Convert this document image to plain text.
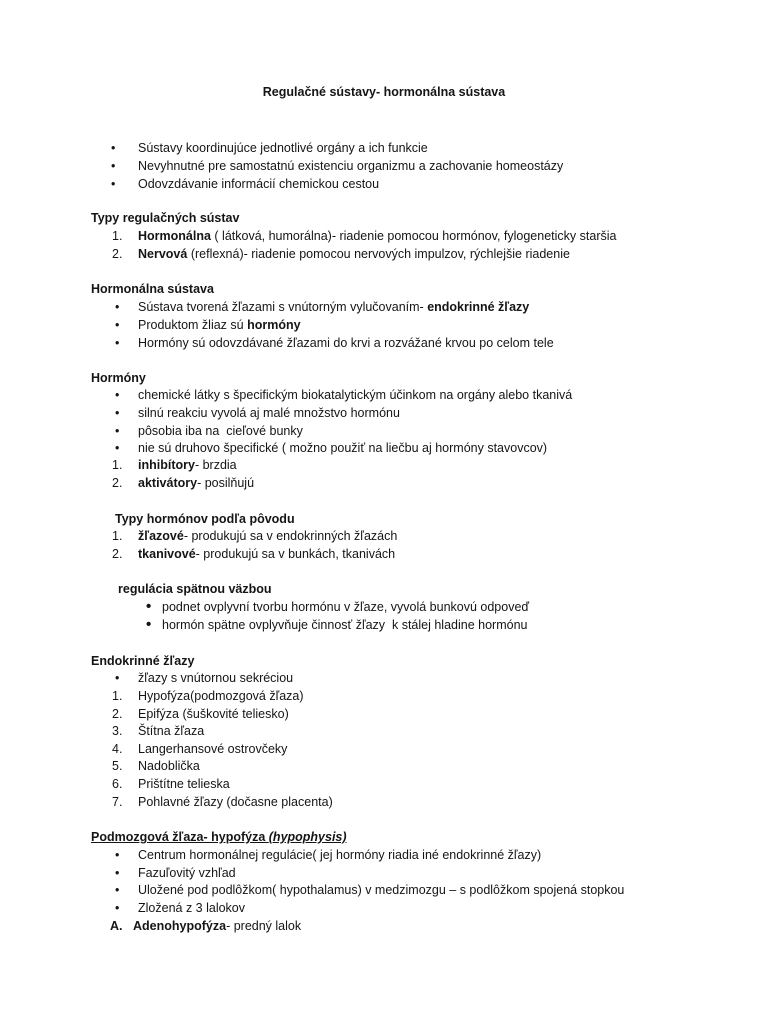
Regulačné sústavy- hormonálna sústava

•

Sústavy koordinujúce jednotlivé orgány a ich funkcie

•

Nevyhnutné pre samostatnú existenciu organizmu a zachovanie homeostázy

•

Odovzdávanie informácií chemickou cestou

Typy regulačných sústav

1.

Hormonálna ( látková, humorálna)- riadenie pomocou hormónov, fylogeneticky staršia

2.

Nervová (reflexná)- riadenie pomocou nervových impulzov, rýchlejšie riadenie

Hormonálna sústava

•

Sústava tvorená žľazami s vnútorným vylučovaním- endokrinné žľazy

•

Produktom žliaz sú hormóny

•

Hormóny sú odovzdávané žľazami do krvi a rozvážané krvou po celom tele

Hormóny

•

chemické látky s špecifickým biokatalytickým účinkom na orgány alebo tkanivá

•

silnú reakciu vyvolá aj malé množstvo hormónu

•

pôsobia iba na  cieľové bunky

•

nie sú druhovo špecifické ( možno použiť na liečbu aj hormóny stavovcov)

1.

inhibítory- brzdia

2.

aktivátory- posilňujú

Typy hormónov podľa pôvodu

1.

žľazové- produkujú sa v endokrinných žľazách

2.

tkanivové- produkujú sa v bunkách, tkanivách

regulácia spätnou väzbou

•

podnet ovplyvní tvorbu hormónu v žľaze, vyvolá bunkovú odpoveď

•

hormón spätne ovplyvňuje činnosť žľazy  k stálej hladine hormónu

Endokrinné žľazy

•

žľazy s vnútornou sekréciou

1.

Hypofýza(podmozgová žľaza)

2.

Epifýza (šuškovité teliesko)

3.

Štítna žľaza

4.

Langerhansové ostrovčeky

5.

Nadoblička

6.

Prištítne telieska

7.

Pohlavné žľazy (dočasne placenta)

Podmozgová žľaza- hypofýza (hypophysis)

•

Centrum hormonálnej regulácie( jej hormóny riadia iné endokrinné žľazy)

•

Fazuľovitý vzhľad

•

Uložené pod podlôžkom( hypothalamus) v medzimozgu – s podlôžkom spojená stopkou

•

Zložená z 3 lalokov

A.

Adenohypofýza- predný lalok
